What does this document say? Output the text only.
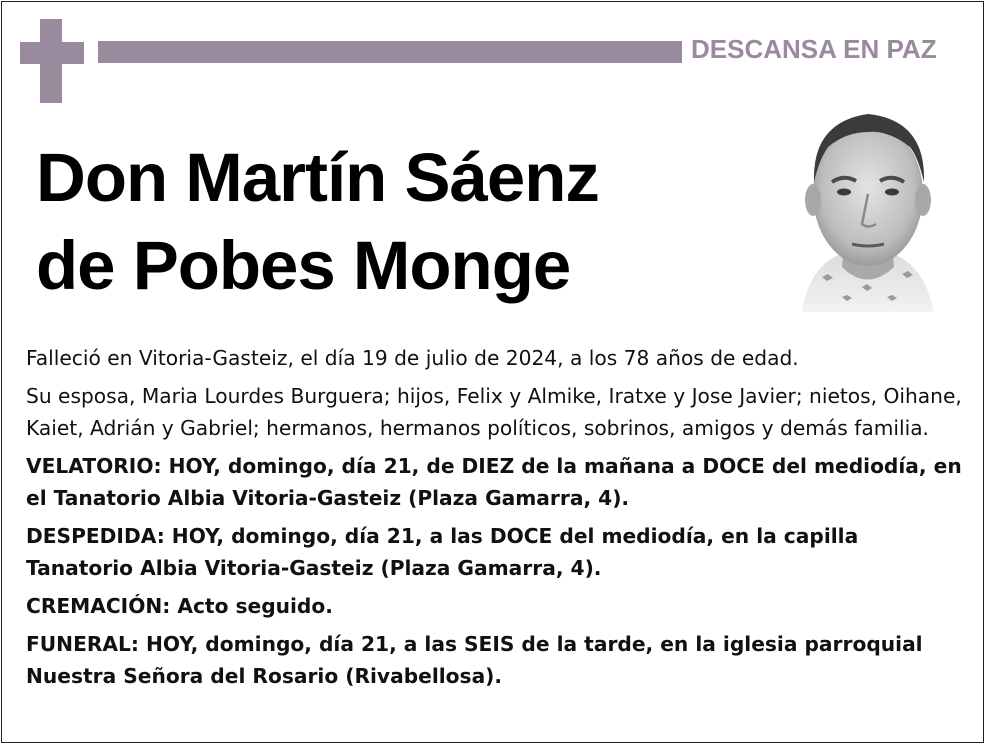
DESCANSA EN PAZ
Don Martín Sáenz
de Pobes Monge

Falleció en Vitoria-Gasteiz, el día 19 de julio de 2024, a los 78 años de edad.

Su esposa, Maria Lourdes Burguera; hijos, Felix y Almike, Iratxe y Jose Javier; nietos, Oihane, Kaiet, Adrián y Gabriel; hermanos, hermanos políticos, sobrinos, amigos y demás familia.

VELATORIO: HOY, domingo, día 21, de DIEZ de la mañana a DOCE del mediodía, en el Tanatorio Albia Vitoria-Gasteiz (Plaza Gamarra, 4).

DESPEDIDA: HOY, domingo, día 21, a las DOCE del mediodía, en la capilla Tanatorio Albia Vitoria-Gasteiz (Plaza Gamarra, 4).

CREMACIÓN: Acto seguido.

FUNERAL: HOY, domingo, día 21, a las SEIS de la tarde, en la iglesia parroquial Nuestra Señora del Rosario (Rivabellosa).
